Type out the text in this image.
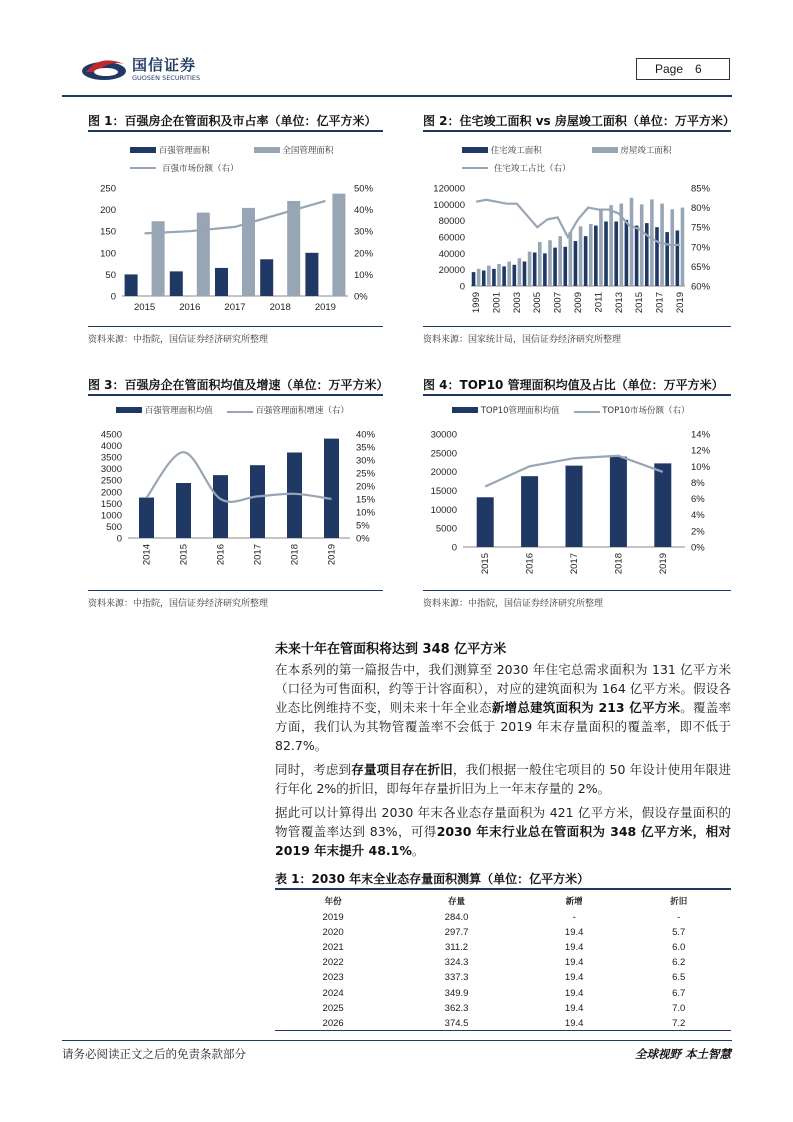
国信证券
GUOSEN SECURITIES
Page 6
图 1：百强房企在管面积及市占率（单位：亿平方米）
百强管理面积	全国管理面积
百强市场份额（右）
0
50
100
150
200
250
0%
10%
20%
30%
40%
50%
2015	2016	2017	2018	2019
资料来源：中指院，国信证券经济研究所整理
图 2：住宅竣工面积 vs 房屋竣工面积（单位：万平方米）
住宅竣工面积	房屋竣工面积
住宅竣工占比（右）
0
20000
40000
60000
80000
100000
120000
60%
65%
70%
75%
80%
85%
1999 2001 2003 2005 2007 2009 2011 2013 2015 2017 2019
资料来源：国家统计局，国信证券经济研究所整理
图 3：百强房企在管面积均值及增速（单位：万平方米）
百强管理面积均值	百强管理面积增速（右）
0
500
1000
1500
2000
2500
3000
3500
4000
4500
0%
5%
10%
15%
20%
25%
30%
35%
40%
2014	2015	2016	2017	2018	2019
资料来源：中指院，国信证券经济研究所整理
图 4：TOP10 管理面积均值及占比（单位：万平方米）
TOP10管理面积均值	TOP10市场份额（右）
0
5000
10000
15000
20000
25000
30000
0%
2%
4%
6%
8%
10%
12%
14%
2015	2016	2017	2018	2019
资料来源：中指院，国信证券经济研究所整理
未来十年在管面积将达到 348 亿平方米
在本系列的第一篇报告中，我们测算至 2030 年住宅总需求面积为 131 亿平方米（口径为可售面积，约等于计容面积），对应的建筑面积为 164 亿平方米。假设各业态比例维持不变，则未来十年全业态新增总建筑面积为 213 亿平方米。覆盖率方面，我们认为其物管覆盖率不会低于 2019 年末存量面积的覆盖率，即不低于 82.7%。
同时，考虑到存量项目存在折旧，我们根据一般住宅项目的 50 年设计使用年限进行年化 2%的折旧，即每年存量折旧为上一年末存量的 2%。
据此可以计算得出 2030 年末各业态存量面积为 421 亿平方米，假设存量面积的物管覆盖率达到 83%，可得2030 年末行业总在管面积为 348 亿平方米，相对 2019 年末提升 48.1%。
表 1：2030 年末全业态存量面积测算（单位：亿平方米）
年份	存量	新增	折旧
2019	284.0	-	-
2020	297.7	19.4	5.7
2021	311.2	19.4	6.0
2022	324.3	19.4	6.2
2023	337.3	19.4	6.5
2024	349.9	19.4	6.7
2025	362.3	19.4	7.0
2026	374.5	19.4	7.2
请务必阅读正文之后的免责条款部分	全球视野 本土智慧
